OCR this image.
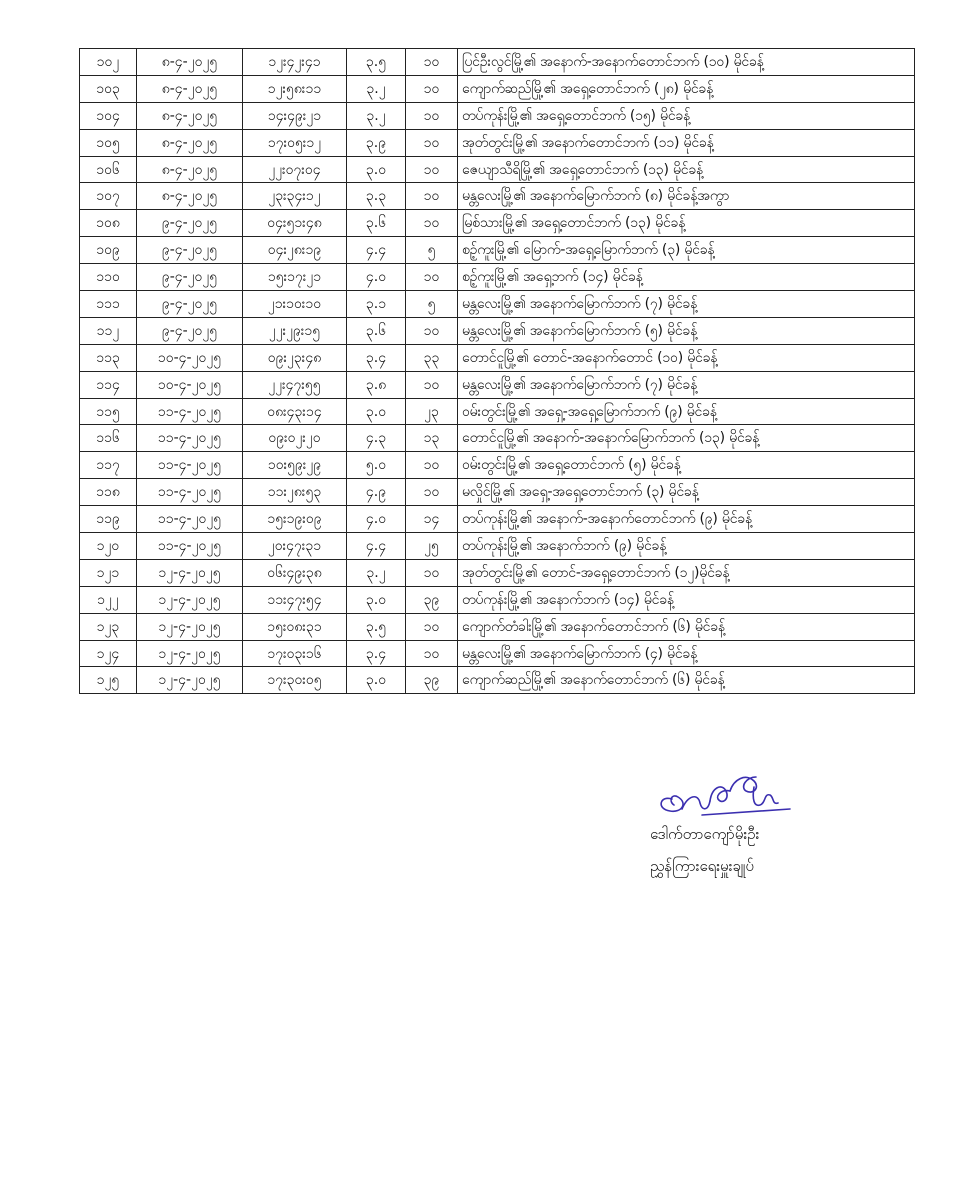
၁၀၂	၈-၄-၂၀၂၅	၁၂း၄၂း၄၁	၃.၅	၁၀	ပြင်ဦးလွင်မြို့၏ အနောက်-အနောက်တောင်ဘက် (၁၀) မိုင်ခန့်
၁၀၃	၈-၄-၂၀၂၅	၁၂း၅၈း၁၁	၃.၂	၁၀	ကျောက်ဆည်မြို့၏ အရှေ့တောင်ဘက် (၂၈) မိုင်ခန့်
၁၀၄	၈-၄-၂၀၂၅	၁၄း၄၉း၂၁	၃.၂	၁၀	တပ်ကုန်းမြို့၏ အရှေ့တောင်ဘက် (၁၅) မိုင်ခန့်
၁၀၅	၈-၄-၂၀၂၅	၁၇း၀၅း၁၂	၃.၉	၁၀	အုတ်တွင်းမြို့၏ အနောက်တောင်ဘက် (၁၁) မိုင်ခန့်
၁၀၆	၈-၄-၂၀၂၅	၂၂း၀၇း၀၄	၃.၀	၁၀	ဇေယျာသီရိမြို့၏ အရှေ့တောင်ဘက် (၁၃) မိုင်ခန့်
၁၀၇	၈-၄-၂၀၂၅	၂၃း၃၄း၁၂	၃.၃	၁၀	မန္တလေးမြို့၏ အနောက်မြောက်ဘက် (၈) မိုင်ခန့်အကွာ
၁၀၈	၉-၄-၂၀၂၅	၀၄း၅၁း၄၈	၃.၆	၁၀	မြစ်သားမြို့၏ အရှေ့တောင်ဘက် (၁၃) မိုင်ခန့်
၁၀၉	၉-၄-၂၀၂၅	၀၄း၂၈း၁၉	၄.၄	၅	စဥ့်ကူးမြို့၏ မြောက်-အရှေ့မြောက်ဘက် (၃) မိုင်ခန့်
၁၁၀	၉-၄-၂၀၂၅	၁၅း၁၇း၂၁	၄.၀	၁၀	စဥ့်ကူးမြို့၏ အရှေ့ဘက် (၁၄) မိုင်ခန့်
၁၁၁	၉-၄-၂၀၂၅	၂၁း၁၀း၁၀	၃.၁	၅	မန္တလေးမြို့၏ အနောက်မြောက်ဘက် (၇) မိုင်ခန့်
၁၁၂	၉-၄-၂၀၂၅	၂၂း၂၉း၁၅	၃.၆	၁၀	မန္တလေးမြို့၏ အနောက်မြောက်ဘက် (၅) မိုင်ခန့်
၁၁၃	၁၀-၄-၂၀၂၅	၀၉း၂၃း၄၈	၃.၄	၃၃	တောင်ငူမြို့၏ တောင်-အနောက်တောင် (၁၀) မိုင်ခန့်
၁၁၄	၁၀-၄-၂၀၂၅	၂၂း၄၇း၅၅	၃.၈	၁၀	မန္တလေးမြို့၏ အနောက်မြောက်ဘက် (၇) မိုင်ခန့်
၁၁၅	၁၁-၄-၂၀၂၅	၀၈း၄၃း၁၄	၃.၀	၂၃	ဝမ်းတွင်းမြို့၏ အရှေ့-အရှေ့မြောက်ဘက် (၉) မိုင်ခန့်
၁၁၆	၁၁-၄-၂၀၂၅	၀၉း၀၂း၂၀	၄.၃	၁၃	တောင်ငူမြို့၏ အနောက်-အနောက်မြောက်ဘက် (၁၃) မိုင်ခန့်
၁၁၇	၁၁-၄-၂၀၂၅	၁၀း၅၉း၂၉	၅.၀	၁၀	ဝမ်းတွင်းမြို့၏ အရှေ့တောင်ဘက် (၅) မိုင်ခန့်
၁၁၈	၁၁-၄-၂၀၂၅	၁၁း၂၈း၅၃	၄.၉	၁၀	မလှိုင်မြို့၏ အရှေ့-အရှေ့တောင်ဘက် (၃) မိုင်ခန့်
၁၁၉	၁၁-၄-၂၀၂၅	၁၅း၁၉း၀၉	၄.၀	၁၄	တပ်ကုန်းမြို့၏ အနောက်-အနောက်တောင်ဘက် (၉) မိုင်ခန့်
၁၂၀	၁၁-၄-၂၀၂၅	၂၀း၄၇း၃၁	၄.၄	၂၅	တပ်ကုန်းမြို့၏ အနောက်ဘက် (၉) မိုင်ခန့်
၁၂၁	၁၂-၄-၂၀၂၅	၀၆း၄၉း၃၈	၃.၂	၁၀	အုတ်တွင်းမြို့၏ တောင်-အရှေ့တောင်ဘက် (၁၂)မိုင်ခန့်
၁၂၂	၁၂-၄-၂၀၂၅	၁၁း၄၇း၅၄	၃.၀	၃၉	တပ်ကုန်းမြို့၏ အနောက်ဘက် (၁၄) မိုင်ခန့်
၁၂၃	၁၂-၄-၂၀၂၅	၁၅း၀၈း၃၁	၃.၅	၁၀	ကျောက်တံခါးမြို့၏ အနောက်တောင်ဘက် (၆) မိုင်ခန့်
၁၂၄	၁၂-၄-၂၀၂၅	၁၇း၀၃း၁၆	၃.၄	၁၀	မန္တလေးမြို့၏ အနောက်မြောက်ဘက် (၄) မိုင်ခန့်
၁၂၅	၁၂-၄-၂၀၂၅	၁၇း၃၀း၀၅	၃.၀	၃၉	ကျောက်ဆည်မြို့၏ အနောက်တောင်ဘက် (၆) မိုင်ခန့်
ဒေါက်တာကျော်မိုးဦး
ညွှန်ကြားရေးမှူးချုပ်
